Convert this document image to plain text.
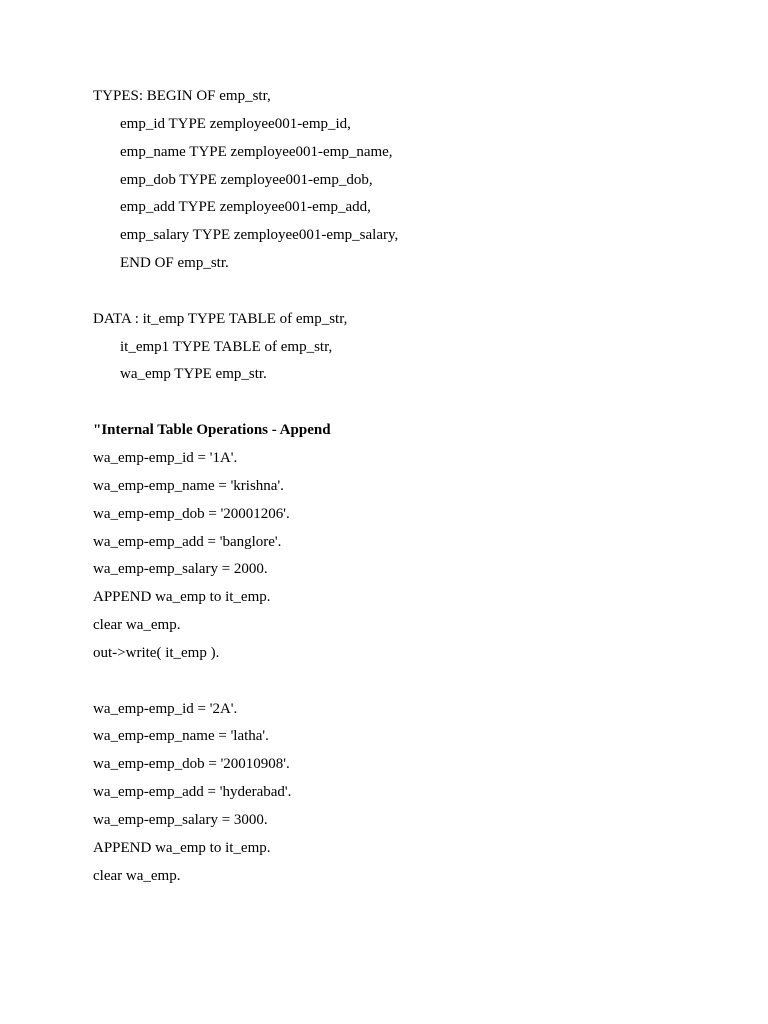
TYPES: BEGIN OF emp_str,
emp_id TYPE zemployee001-emp_id,
emp_name TYPE zemployee001-emp_name,
emp_dob TYPE zemployee001-emp_dob,
emp_add TYPE zemployee001-emp_add,
emp_salary TYPE zemployee001-emp_salary,
END OF emp_str.
DATA : it_emp TYPE TABLE of emp_str,
it_emp1 TYPE TABLE of emp_str,
wa_emp TYPE emp_str.
"Internal Table Operations - Append
wa_emp-emp_id = '1A'.
wa_emp-emp_name = 'krishna'.
wa_emp-emp_dob = '20001206'.
wa_emp-emp_add = 'banglore'.
wa_emp-emp_salary = 2000.
APPEND wa_emp to it_emp.
clear wa_emp.
out->write( it_emp ).
wa_emp-emp_id = '2A'.
wa_emp-emp_name = 'latha'.
wa_emp-emp_dob = '20010908'.
wa_emp-emp_add = 'hyderabad'.
wa_emp-emp_salary = 3000.
APPEND wa_emp to it_emp.
clear wa_emp.
